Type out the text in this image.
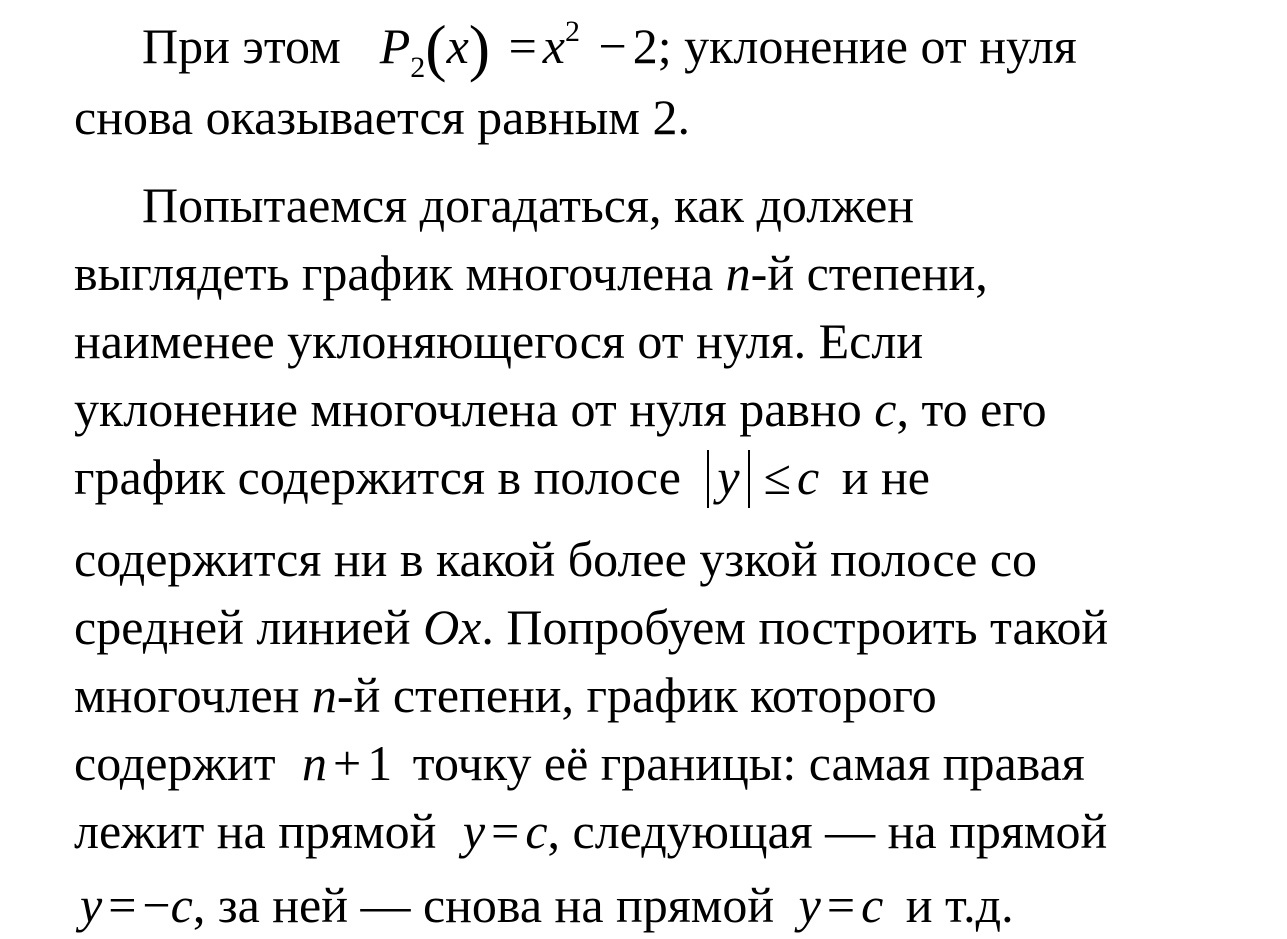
При этом $P_2(x) = x^2 - 2$; уклонение от нуля
снова оказывается равным 2.
Попытаемся догадаться, как должен
выглядеть график многочлена n-й степени,
наименее уклоняющегося от нуля. Если
уклонение многочлена от нуля равно c, то его
график содержится в полосе y ≤ c и не
содержится ни в какой более узкой полосе со
средней линией Ox. Попробуем построить такой
многочлен n-й степени, график которого
содержит n + 1 точку её границы: самая правая
лежит на прямой y = c, следующая — на прямой
y = −c, за ней — снова на прямой y = c и т.д.
